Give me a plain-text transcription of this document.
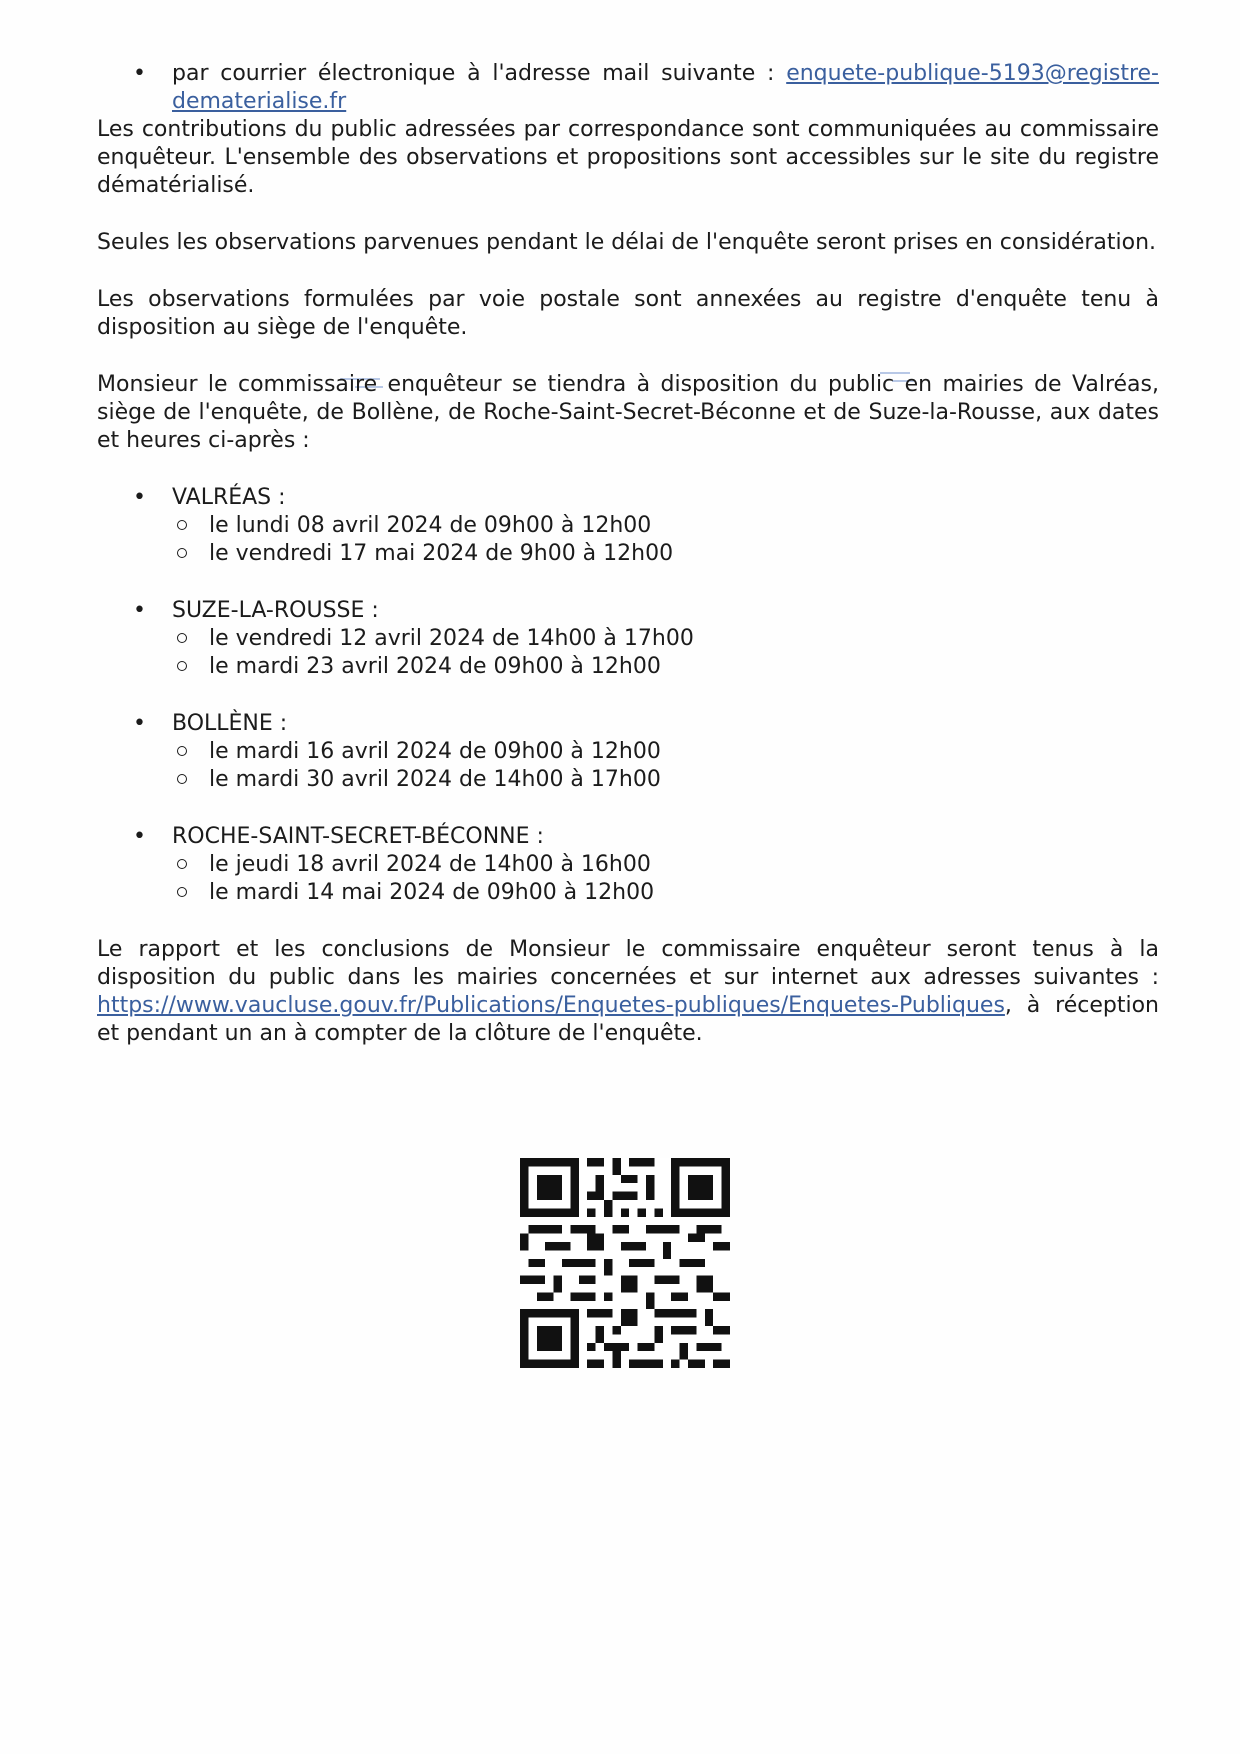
• par courrier électronique à l'adresse mail suivante : enquete-publique-5193@registre-dematerialise.fr

Les contributions du public adressées par correspondance sont communiquées au commissaire enquêteur. L'ensemble des observations et propositions sont accessibles sur le site du registre dématérialisé.

Seules les observations parvenues pendant le délai de l'enquête seront prises en considération.

Les observations formulées par voie postale sont annexées au registre d'enquête tenu à disposition au siège de l'enquête.

Monsieur le commissaire enquêteur se tiendra à disposition du public en mairies de Valréas, siège de l'enquête, de Bollène, de Roche-Saint-Secret-Béconne et de Suze-la-Rousse, aux dates et heures ci-après :

• VALRÉAS :
le lundi 08 avril 2024 de 09h00 à 12h00
le vendredi 17 mai 2024 de 9h00 à 12h00
• SUZE-LA-ROUSSE :
le vendredi 12 avril 2024 de 14h00 à 17h00
le mardi 23 avril 2024 de 09h00 à 12h00
• BOLLÈNE :
le mardi 16 avril 2024 de 09h00 à 12h00
le mardi 30 avril 2024 de 14h00 à 17h00
• ROCHE-SAINT-SECRET-BÉCONNE :
le jeudi 18 avril 2024 de 14h00 à 16h00
le mardi 14 mai 2024 de 09h00 à 12h00

Le rapport et les conclusions de Monsieur le commissaire enquêteur seront tenus à la disposition du public dans les mairies concernées et sur internet aux adresses suivantes : https://www.vaucluse.gouv.fr/Publications/Enquetes-publiques/Enquetes-Publiques, à réception et pendant un an à compter de la clôture de l'enquête.
